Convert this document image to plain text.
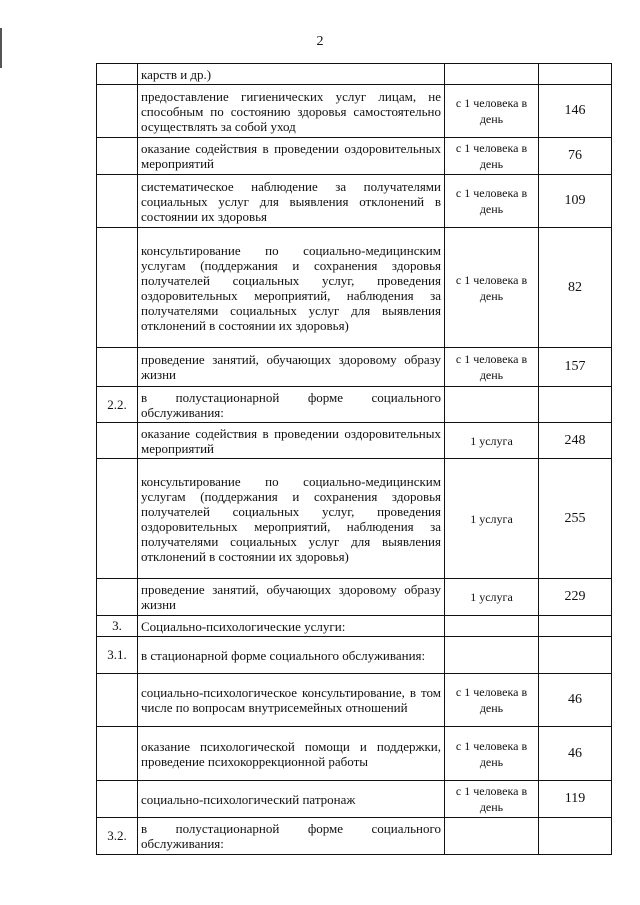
2
	карств и др.)		
	предоставление гигиенических услуг лицам, не способным по состоянию здоровья самостоятельно осуществлять за собой уход	с 1 человека в день	146
	оказание содействия в проведении оздоровительных мероприятий	с 1 человека в день	76
	систематическое наблюдение за получателями социальных услуг для выявления отклонений в состоянии их здоровья	с 1 человека в день	109
	консультирование по социально-медицинским услугам (поддержания и сохранения здоровья получателей социальных услуг, проведения оздоровительных мероприятий, наблюдения за получателями социальных услуг для выявления отклонений в состоянии их здоровья)	с 1 человека в день	82
	проведение занятий, обучающих здоровому образу жизни	с 1 человека в день	157
2.2.	в полустационарной форме социального обслуживания:		
	оказание содействия в проведении оздоровительных мероприятий	1 услуга	248
	консультирование по социально-медицинским услугам (поддержания и сохранения здоровья получателей социальных услуг, проведения оздоровительных мероприятий, наблюдения за получателями социальных услуг для выявления отклонений в состоянии их здоровья)	1 услуга	255
	проведение занятий, обучающих здоровому образу жизни	1 услуга	229
3.	Социально-психологические услуги:		
3.1.	в стационарной форме социального обслуживания:		
	социально-психологическое консультирование, в том числе по вопросам внутрисемейных отношений	с 1 человека в день	46
	оказание психологической помощи и поддержки, проведение психокоррекционной работы	с 1 человека в день	46
	социально-психологический патронаж	с 1 человека в день	119
3.2.	в полустационарной форме социального обслуживания:		
